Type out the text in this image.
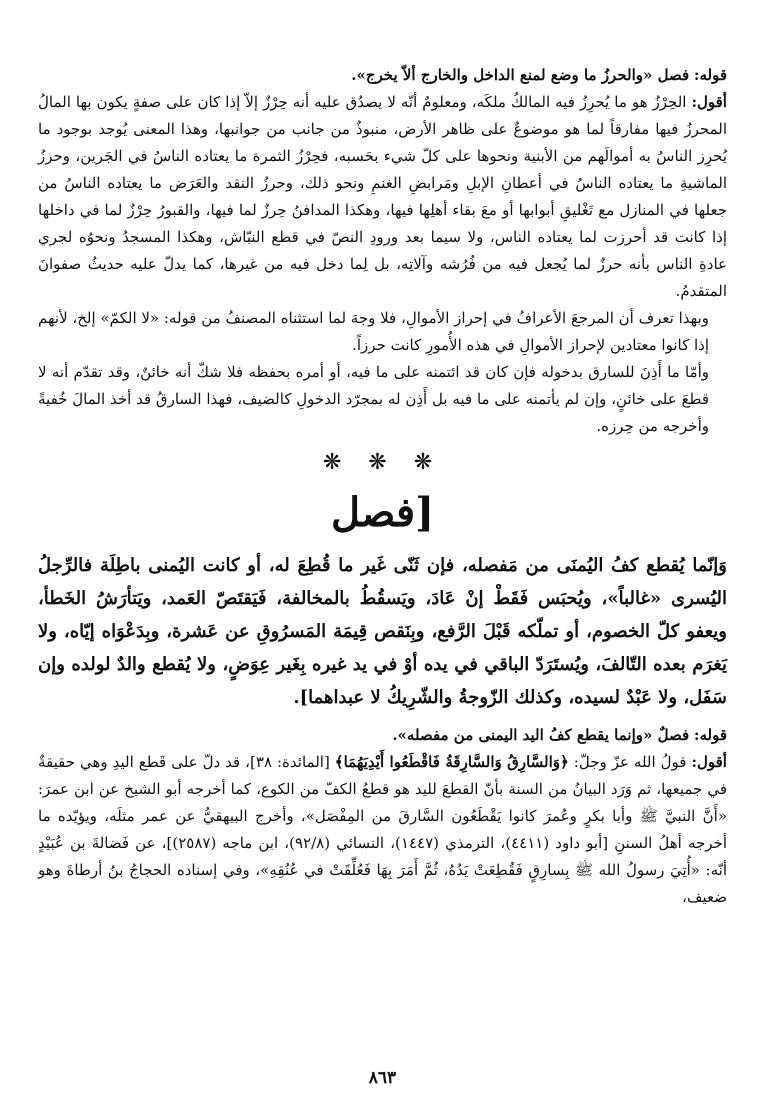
قوله: فصل «والحرزُ ما وضع لمنع الداخل والخارج ألاّ يخرج».

أقول: الحِرْزُ هو ما يُحرِزُ فيه المالكُ ملكَه، ومعلومٌ أنّه لا يصدُق عليه أنه حِرْزٌ إلاّ إذا كان على صفةٍ يكون بها المالُ المحرزُ فيها مفارقاً لما هو موضوعٌ على ظاهر الأرض، منبوذٌ من جانب من جوانبها، وهذا المعنى يُوجد بوجود ما يُحرِز الناسُ به أموالَهم من الأبنية ونحوها على كلّ شيء بحَسبه، فحِرْزُ الثمرة ما يعتاده الناسُ في الجَرين، وحرزُ الماشيةِ ما يعتاده الناسُ في أعطانِ الإبلِ ومَرابضِ الغنمِ ونحو ذلك، وحرزُ النقد والعَرَض ما يعتاده الناسُ من جعلها في المنازل مع تَغْليقِ أبوابها أو معَ بقاء أهلِها فيها، وهكذا المدافنُ حِرزٌ لما فيها، والقبورُ حِرْزٌ لما في داخلها إذا كانت قد أحرزت لما يعتاده الناس، ولا سيما بعد ورودِ النصّ في قطع النبّاش، وهكذا المسجدُ ونحوُه لجري عادةِ الناس بأنه حرزٌ لما يُجعل فيه من فُرُشه وآلاتِه، بل لِما دخل فيه من غيرها، كما يدلّ عليه حديثُ صفوانَ المتقدمُ.

وبهذا تعرف أن المرجعَ الأعرافُ في إحراز الأموالِ، فلا وجهَ لما استثناه المصنفُ من قوله: «لا الكمّ» إلخ، لأنهم إذا كانوا معتادين لإحراز الأموالِ في هذه الأُمورِ كانت حرزاً.

وأمّا ما أَذِنَ للسارق بدخوله فإن كان قد ائتمنه على ما فيه، أو أمره بحفظه فلا شكّ أنه خائنٌ، وقد تقدّم أنه لا قطعَ على خائنٍ، وإن لم يأتمنه على ما فيه بل أَذِن له بمجرّد الدخولِ كالضيف، فهذا السارقُ قد أخذ المالَ خُفيةً وأخرجه من حِرزه.

❋ ❋ ❋
[فصل

وَإنّما يُقطع كفُ اليُمنَى من مَفصله، فإن ثَنّى غَير ما قُطِعَ له، أو كانت اليُمنى باطِلَة فالرِّجلُ اليُسرى «غالباً»، ويُحبَس فَقَطْ إنْ عَادَ، ويَسقُطُ بالمخالفة، فَيَقتَصّ العَمد، ويَتأرَشُ الخَطأ، ويعفو كلّ الخصوم، أو تملّكه قَبْلَ الرَّفع، وبِنَقص قِيمَة المَسرُوقِ عن عَشرة، وبِدَعْوَاه إيّاه، ولا يَغرَم بعده التّالفَ، ويُستَرَدّ الباقي في يده أوْ في يد غيره بِغَير عِوَضٍ، ولا يُقطع والدٌ لولده وإن سَفَل، ولا عَبْدٌ لسيده، وكذلك الزّوجةُ والشّرِيكُ لا عبداهما].

قوله: فصلٌ «وإنما يقطع كفُ اليد اليمنى من مفصله».

أقول: قولُ الله عزّ وجلّ: ﴿وَالسَّارِقُ وَالسَّارِقَةُ فَاقْطَعُوا أَيْدِيَهُمَا﴾ [المائدة: ٣٨]، قد دلّ على قَطع اليدِ وهي حقيقةٌ في جميعها، ثم وَرَد البيانُ من السنة بأنّ القطعَ لليد هو قطعُ الكفّ من الكوع، كما أخرجه أبو الشيخ عن ابن عمرَ: «أَنَّ النبيَّ ﷺ وأبا بكرٍ وعُمرَ كانوا يَقْطَعُون السَّارقَ من المِفْصَل»، وأخرج البيهقيُّ عن عمر مثلَه، ويؤيّده ما أخرجه أهلُ السننِ [أبو داود (٤٤١١)، الترمذي (١٤٤٧)، النسائي (٩٢/٨)، ابن ماجه (٢٥٨٧)]، عن فَضالةَ بن عُبَيْدٍ أنّه: «أُتِيَ رسولُ الله ﷺ بِسارِقٍ فَقُطِعَتْ يَدُهُ، ثُمَّ أَمَرَ بِهَا فَعُلِّقَتْ في عُنُقِهِ»، وفي إسناده الحجاجُ بنُ أرطاةَ وهو ضعيف،

٨٦٣
